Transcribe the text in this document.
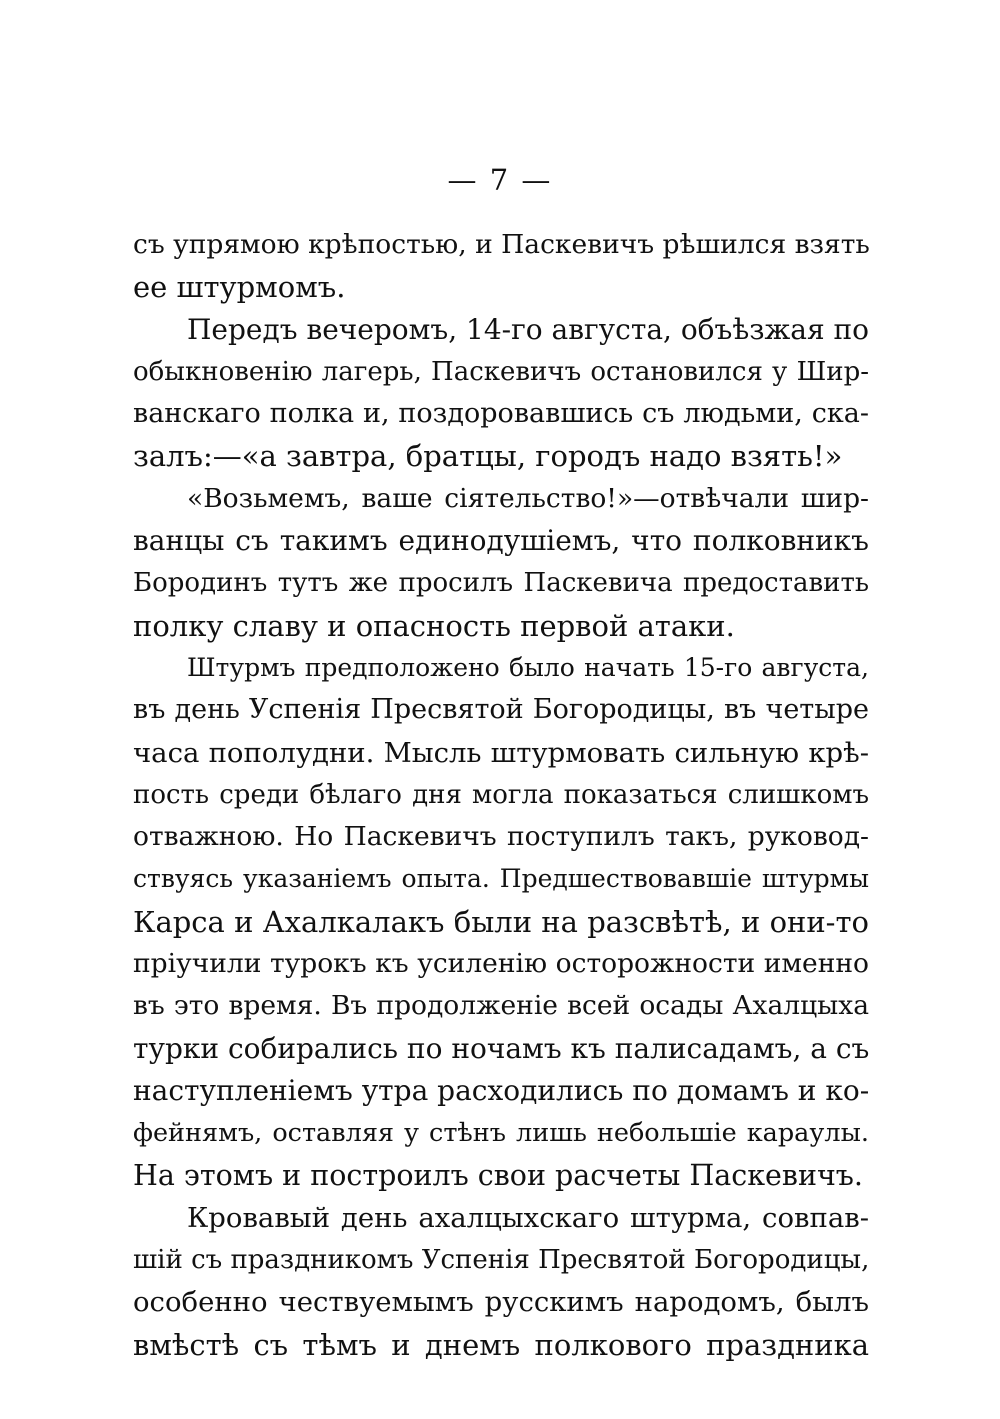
— 7 —
съ упрямою крѣпостью, и Паскевичъ рѣшился взять
ее штурмомъ.
Передъ вечеромъ, 14-го августа, объѣзжая по
обыкновенію лагерь, Паскевичъ остановился у Шир-
ванскаго полка и, поздоровавшись съ людьми, ска-
залъ:—«а завтра, братцы, городъ надо взять!»
«Возьмемъ, ваше сіятельство!»—отвѣчали шир-
ванцы съ такимъ единодушіемъ, что полковникъ
Бородинъ тутъ же просилъ Паскевича предоставить
полку славу и опасность первой атаки.
Штурмъ предположено было начать 15-го августа,
въ день Успенія Пресвятой Богородицы, въ четыре
часа пополудни. Мысль штурмовать сильную крѣ-
пость среди бѣлаго дня могла показаться слишкомъ
отважною. Но Паскевичъ поступилъ такъ, руковод-
ствуясь указаніемъ опыта. Предшествовавшіе штурмы
Карса и Ахалкалакъ были на разсвѣтѣ, и они-то
пріучили турокъ къ усиленію осторожности именно
въ это время. Въ продолженіе всей осады Ахалцыха
турки собирались по ночамъ къ палисадамъ, а съ
наступленіемъ утра расходились по домамъ и ко-
фейнямъ, оставляя у стѣнъ лишь небольшіе караулы.
На этомъ и построилъ свои расчеты Паскевичъ.
Кровавый день ахалцыхскаго штурма, совпав-
шій съ праздникомъ Успенія Пресвятой Богородицы,
особенно чествуемымъ русскимъ народомъ, былъ
вмѣстѣ съ тѣмъ и днемъ полкового праздника
